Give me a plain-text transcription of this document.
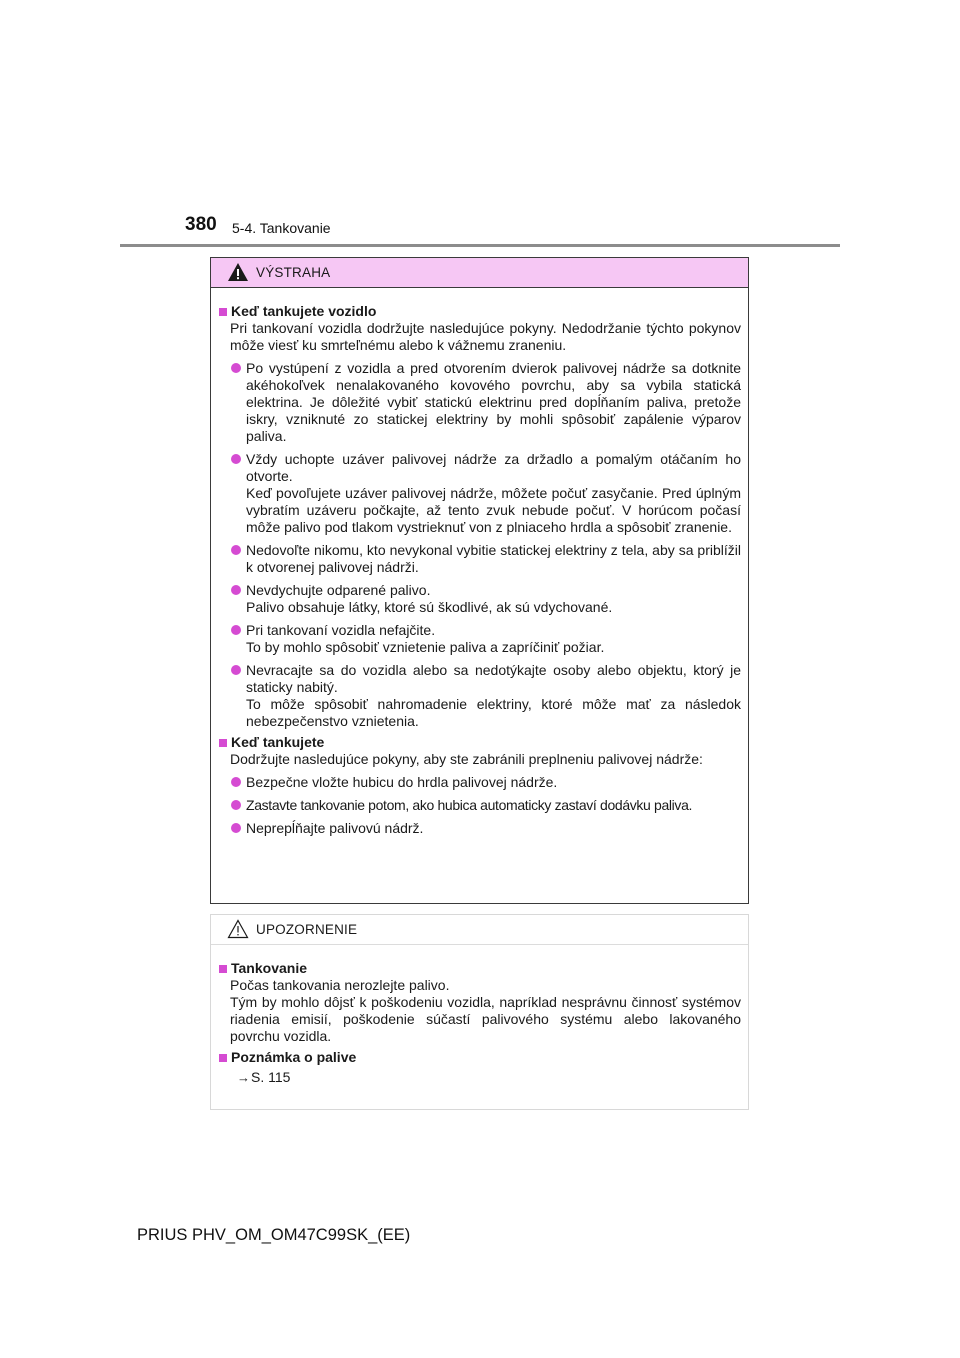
380 5-4. Tankovanie
VÝSTRAHA
Keď tankujete vozidlo
Pri tankovaní vozidla dodržujte nasledujúce pokyny. Nedodržanie týchto pokynov môže viesť ku smrteľnému alebo k vážnemu zraneniu.
Po vystúpení z vozidla a pred otvorením dvierok palivovej nádrže sa dotknite akéhokoľvek nenalakovaného kovového povrchu, aby sa vybila statická elektrina. Je dôležité vybiť statickú elektrinu pred dopĺňaním paliva, pretože iskry, vzniknuté zo statickej elektriny by mohli spôsobiť zapálenie výparov paliva.
Vždy uchopte uzáver palivovej nádrže za držadlo a pomalým otáčaním ho otvorte.
Keď povoľujete uzáver palivovej nádrže, môžete počuť zasyčanie. Pred úplným vybratím uzáveru počkajte, až tento zvuk nebude počuť. V horúcom počasí môže palivo pod tlakom vystrieknuť von z plniaceho hrdla a spôsobiť zranenie.
Nedovoľte nikomu, kto nevykonal vybitie statickej elektriny z tela, aby sa priblížil k otvorenej palivovej nádrži.
Nevdychujte odparené palivo.
Palivo obsahuje látky, ktoré sú škodlivé, ak sú vdychované.
Pri tankovaní vozidla nefajčite.
To by mohlo spôsobiť vznietenie paliva a zapríčiniť požiar.
Nevracajte sa do vozidla alebo sa nedotýkajte osoby alebo objektu, ktorý je staticky nabitý.
To môže spôsobiť nahromadenie elektriny, ktoré môže mať za následok nebezpečenstvo vznietenia.
Keď tankujete
Dodržujte nasledujúce pokyny, aby ste zabránili preplneniu palivovej nádrže:
Bezpečne vložte hubicu do hrdla palivovej nádrže.
Zastavte tankovanie potom, ako hubica automaticky zastaví dodávku paliva.
Neprepĺňajte palivovú nádrž.
UPOZORNENIE
Tankovanie
Počas tankovania nerozlejte palivo.
Tým by mohlo dôjsť k poškodeniu vozidla, napríklad nesprávnu činnosť systémov riadenia emisií, poškodenie súčastí palivového systému alebo lakovaného povrchu vozidla.
Poznámka o palive
→S. 115
PRIUS PHV_OM_OM47C99SK_(EE)
